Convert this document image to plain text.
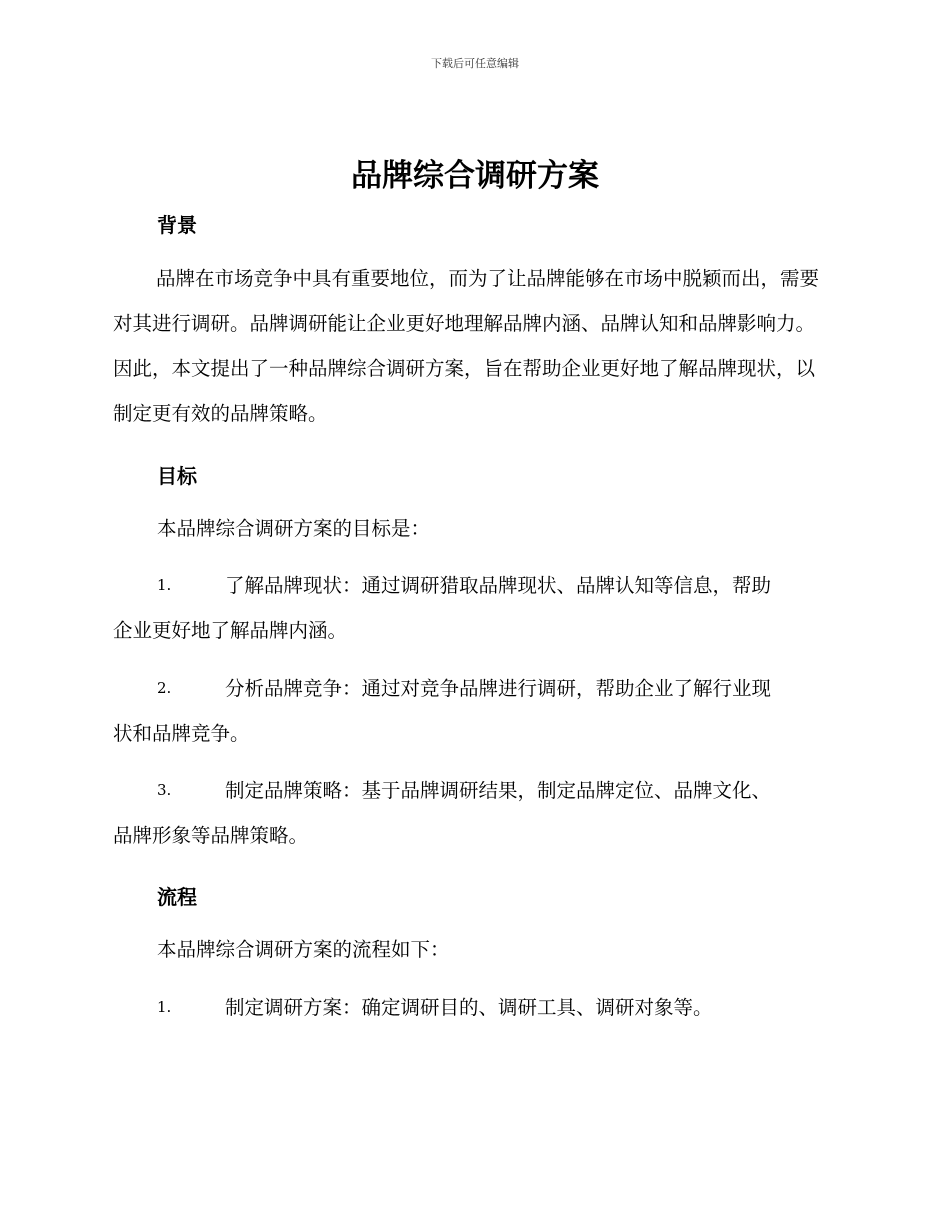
下载后可任意编辑
品牌综合调研方案
背景

品牌在市场竞争中具有重要地位，而为了让品牌能够在市场中脱颖而出，需要对其进行调研。品牌调研能让企业更好地理解品牌内涵、品牌认知和品牌影响力。因此，本文提出了一种品牌综合调研方案，旨在帮助企业更好地了解品牌现状，以制定更有效的品牌策略。

目标
本品牌综合调研方案的目标是：
1.	了解品牌现状：通过调研猎取品牌现状、品牌认知等信息，帮助
企业更好地了解品牌内涵。
2.	分析品牌竞争：通过对竞争品牌进行调研，帮助企业了解行业现
状和品牌竞争。
3.	制定品牌策略：基于品牌调研结果，制定品牌定位、品牌文化、
品牌形象等品牌策略。
流程
本品牌综合调研方案的流程如下：
1.	制定调研方案：确定调研目的、调研工具、调研对象等。
